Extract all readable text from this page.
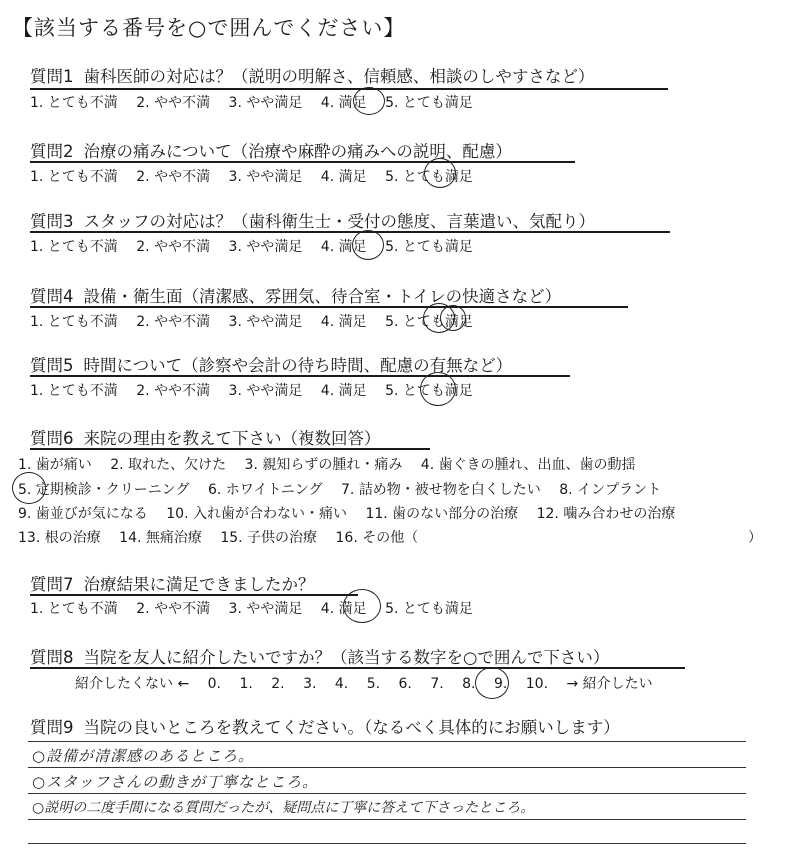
【該当する番号を○で囲んでください】
質問1 歯科医師の対応は？（説明の明解さ、信頼感、相談のしやすさなど）
1. とても不満 2. やや不満 3. やや満足 4. 満足 5. とても満足
質問2 治療の痛みについて（治療や麻酔の痛みへの説明、配慮）
1. とても不満 2. やや不満 3. やや満足 4. 満足 5. とても満足
質問3 スタッフの対応は？（歯科衛生士・受付の態度、言葉遣い、気配り）
1. とても不満 2. やや不満 3. やや満足 4. 満足 5. とても満足
質問4 設備・衛生面（清潔感、雰囲気、待合室・トイレの快適さなど）
1. とても不満 2. やや不満 3. やや満足 4. 満足 5. とても満足
質問5 時間について（診察や会計の待ち時間、配慮の有無など）
1. とても不満 2. やや不満 3. やや満足 4. 満足 5. とても満足
質問6 来院の理由を教えて下さい（複数回答）
1. 歯が痛い 2. 取れた、欠けた 3. 親知らずの腫れ・痛み 4. 歯ぐきの腫れ、出血、歯の動揺
5. 定期検診・クリーニング 6. ホワイトニング 7. 詰め物・被せ物を白くしたい 8. インプラント
9. 歯並びが気になる 10. 入れ歯が合わない・痛い 11. 歯のない部分の治療 12. 噛み合わせの治療
13. 根の治療 14. 無痛治療 15. 子供の治療 16. その他（	）
質問7 治療結果に満足できましたか？
1. とても不満 2. やや不満 3. やや満足 4. 満足 5. とても満足
質問8 当院を友人に紹介したいですか？（該当する数字を○で囲んで下さい）
紹介したくない ← 0. 1. 2. 3. 4. 5. 6. 7. 8. 9. 10. → 紹介したい
質問9 当院の良いところを教えてください。（なるべく具体的にお願いします）
○設備が清潔感のあるところ。
○スタッフさんの動きが丁寧なところ。
○説明の二度手間になる質問だったが、疑問点に丁寧に答えて下さったところ。
